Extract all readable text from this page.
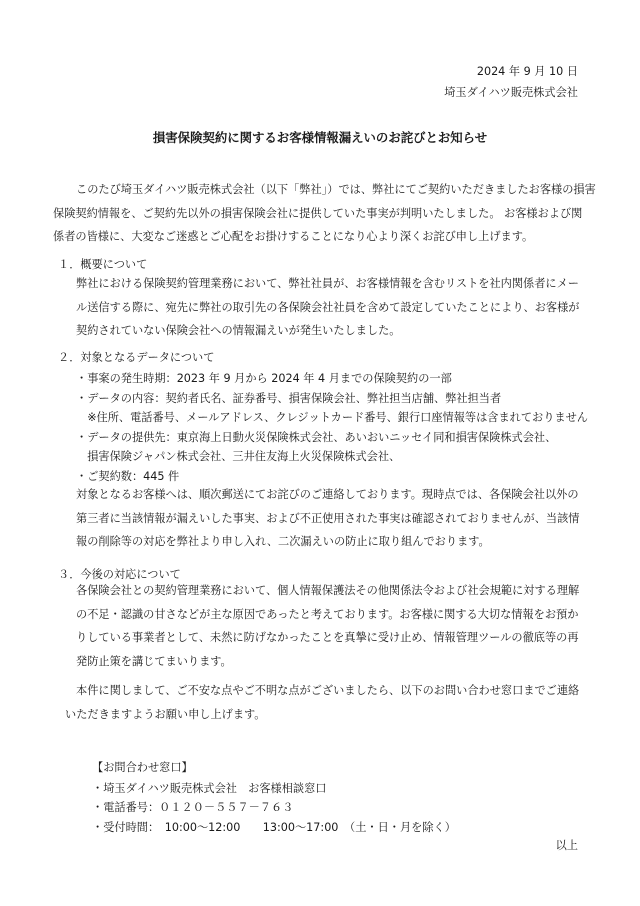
2024 年 9 月 10 日
埼玉ダイハツ販売株式会社
損害保険契約に関するお客様情報漏えいのお詫びとお知らせ
このたび埼玉ダイハツ販売株式会社（以下「弊社」）では、弊社にてご契約いただきましたお客様の損害
保険契約情報を、ご契約先以外の損害保険会社に提供していた事実が判明いたしました。 お客様および関
係者の皆様に、大変なご迷惑とご心配をお掛けすることになり心より深くお詫び申し上げます。
１．概要について
弊社における保険契約管理業務において、弊社社員が、お客様情報を含むリストを社内関係者にメー
ル送信する際に、宛先に弊社の取引先の各保険会社社員を含めて設定していたことにより、お客様が
契約されていない保険会社への情報漏えいが発生いたしました。
２．対象となるデータについて
・事案の発生時期：2023 年 9 月から 2024 年 4 月までの保険契約の一部
・データの内容：契約者氏名、証券番号、損害保険会社、弊社担当店舗、弊社担当者
　※住所、電話番号、メールアドレス、クレジットカード番号、銀行口座情報等は含まれておりません
・データの提供先：東京海上日動火災保険株式会社、あいおいニッセイ同和損害保険株式会社、
　損害保険ジャパン株式会社、三井住友海上火災保険株式会社、
・ご契約数：445 件
対象となるお客様へは、順次郵送にてお詫びのご連絡しております。現時点では、各保険会社以外の
第三者に当該情報が漏えいした事実、および不正使用された事実は確認されておりませんが、当該情
報の削除等の対応を弊社より申し入れ、二次漏えいの防止に取り組んでおります。
３．今後の対応について
各保険会社との契約管理業務において、個人情報保護法その他関係法令および社会規範に対する理解
の不足・認識の甘さなどが主な原因であったと考えております。お客様に関する大切な情報をお預か
りしている事業者として、未然に防げなかったことを真摯に受け止め、情報管理ツールの徹底等の再
発防止策を講じてまいります。
本件に関しまして、ご不安な点やご不明な点がございましたら、以下のお問い合わせ窓口までご連絡
いただきますようお願い申し上げます。
【お問合わせ窓口】
・埼玉ダイハツ販売株式会社　お客様相談窓口
・電話番号：０１２０－５５７－７６３
・受付時間：　10:00～12:00　　13:00～17:00　（土・日・月を除く）
以上
